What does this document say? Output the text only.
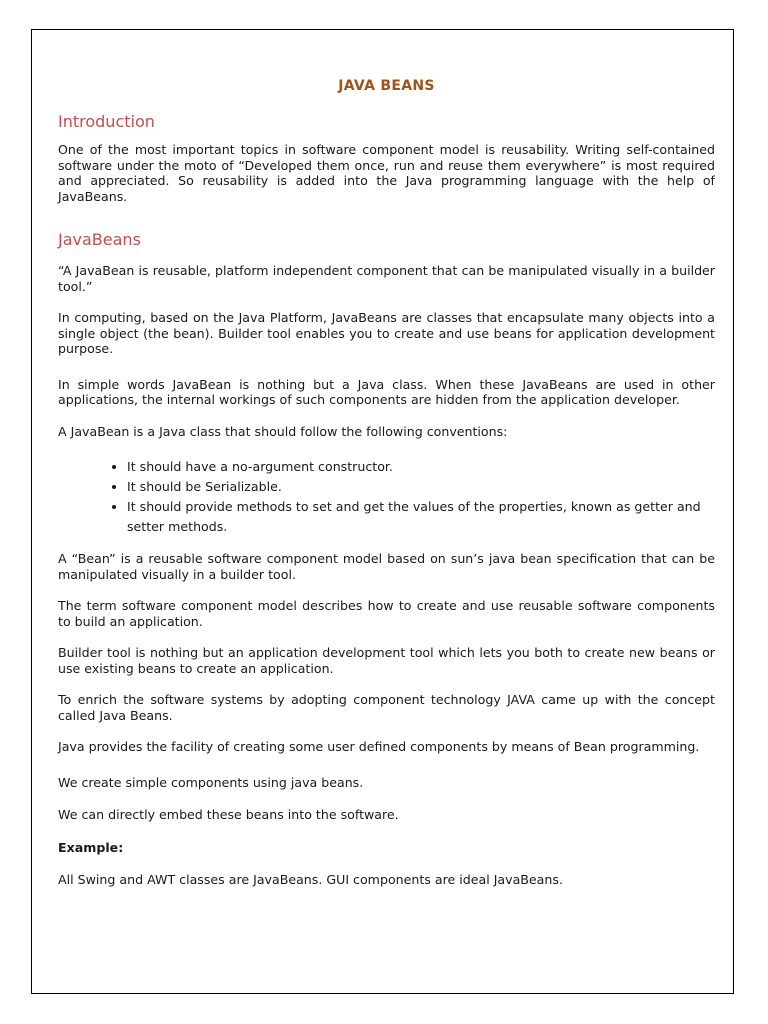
JAVA BEANS
Introduction

One of the most important topics in software component model is reusability. Writing self-contained software under the moto of “Developed them once, run and reuse them everywhere” is most required and appreciated. So reusability is added into the Java programming language with the help of JavaBeans.

JavaBeans

“A JavaBean is reusable, platform independent component that can be manipulated visually in a builder tool.”

In computing, based on the Java Platform, JavaBeans are classes that encapsulate many objects into a single object (the bean). Builder tool enables you to create and use beans for application development purpose.

In simple words JavaBean is nothing but a Java class. When these JavaBeans are used in other applications, the internal workings of such components are hidden from the application developer.

A JavaBean is a Java class that should follow the following conventions:

• It should have a no-argument constructor.
• It should be Serializable.
• It should provide methods to set and get the values of the properties, known as getter and setter methods.

A “Bean” is a reusable software component model based on sun’s java bean specification that can be manipulated visually in a builder tool.

The term software component model describes how to create and use reusable software components to build an application.

Builder tool is nothing but an application development tool which lets you both to create new beans or use existing beans to create an application.

To enrich the software systems by adopting component technology JAVA came up with the concept called Java Beans.

Java provides the facility of creating some user defined components by means of Bean programming.

We create simple components using java beans.

We can directly embed these beans into the software.

Example:

All Swing and AWT classes are JavaBeans. GUI components are ideal JavaBeans.
